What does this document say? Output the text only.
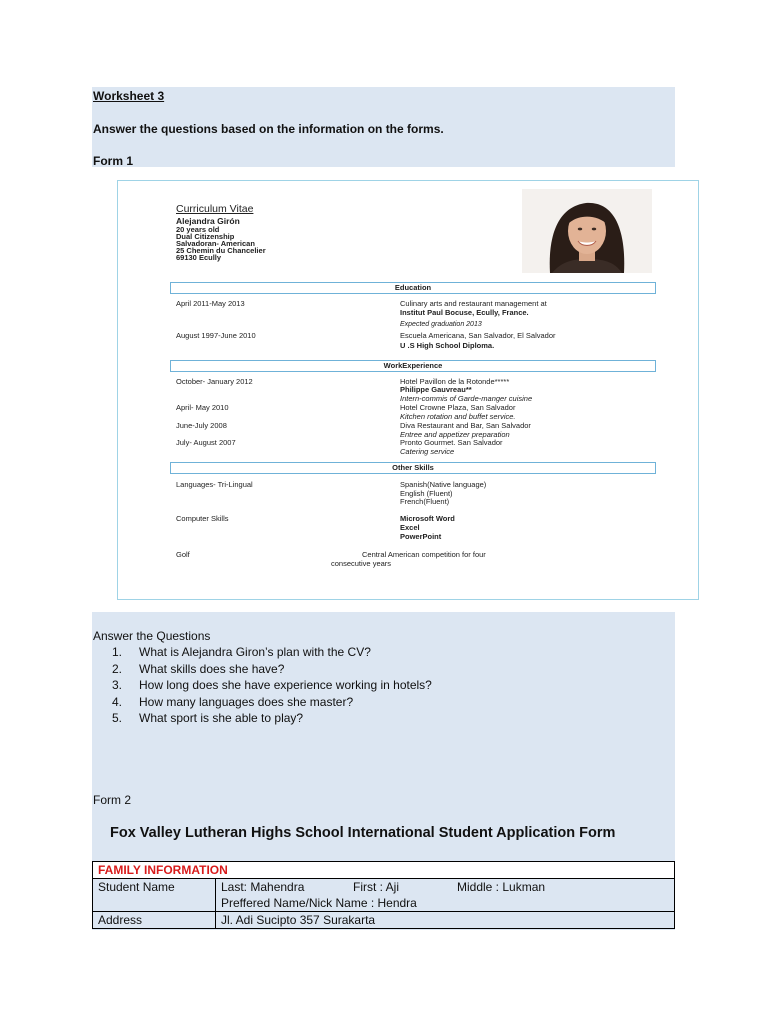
Worksheet 3
Answer the questions based on the information on the forms.
Form 1
Curriculum Vitae
Alejandra Girón
20 years old
Dual Citizenship
Salvadoran- American
25 Chemin du Chancelier
69130 Ecully
Education
April 2011-May 2013	Culinary arts and restaurant management at
Institut Paul Bocuse, Ecully, France.
Expected graduation 2013
August 1997-June 2010	Escuela Americana, San Salvador, El Salvador
U .S High School Diploma.
WorkExperience
October- January 2012	Hotel Pavillon de la Rotonde*****
Philippe Gauvreau**
Intern-commis of Garde-manger cuisine
April- May 2010	Hotel Crowne Plaza, San Salvador
Kitchen rotation and buffet service.
June-July 2008	Diva Restaurant and Bar, San Salvador
Entree and appetizer preparation
July- August 2007	Pronto Gourmet. San Salvador
Catering service
Other Skills
Languages- Tri-Lingual	Spanish(Native language)
English (Fluent)
French(Fluent)
Computer Skills	Microsoft Word
Excel
PowerPoint
Golf	Central American competition for four
consecutive years
Answer the Questions
1. What is Alejandra Giron’s plan with the CV?
2. What skills does she have?
3. How long does she have experience working in hotels?
4. How many languages does she master?
5. What sport is she able to play?
Form 2
Fox Valley Lutheran Highs School International Student Application Form
FAMILY INFORMATION	
Student Name	Last: Mahendra First : Aji Middle : Lukman
Preffered Name/Nick Name : Hendra

Address	Jl. Adi Sucipto 357 Surakarta
